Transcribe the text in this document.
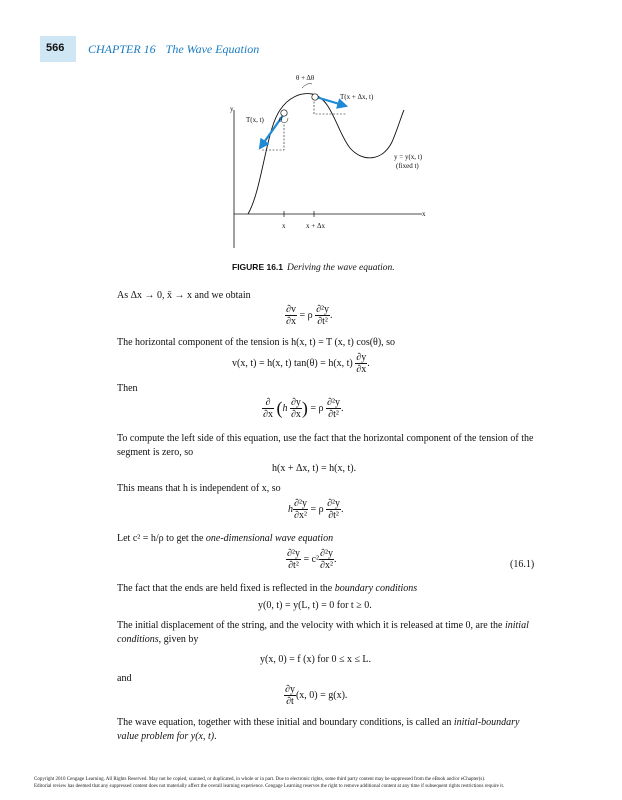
566 CHAPTER 16 The Wave Equation
θ + Δθ
T(x + Δx, t)
y
T(x, t) θ
y = y(x, t)
(fixed t)
x
x	x + Δx
FIGURE 16.1 Deriving the wave equation.
As Δx → 0, x̄ → x and we obtain
$\frac{\partial v}{\partial x} = \rho \frac{\text{∂²y}}{\text{∂t²}}$ .
The horizontal component of the tension is h(x, t) = T (x, t) cos(θ), so
v(x, t) = h(x, t) tan(θ) = h(x, $t) \frac{\partial y}{\partial x}$ .
Then
$\frac{\partial}{\partial x} (h \frac{\partial y}{\partial x}$ ) = ρ $\frac{\text{∂²y}}{\text{∂t²}}$ .
To compute the left side of this equation, use the fact that the horizontal component of the tension of the segment is zero, so
h(x + Δx, t) = h(x, t).
This means that h is independent of x, so
h $\frac{\text{∂²y}}{\text{∂x²}} = \rho \frac{\text{∂²y}}{\text{∂t²}}$ .
Let c² = h/ρ to get the one-dimensional wave equation
$\frac{\text{∂²y}}{\text{∂t²}} = c^2 \frac{\text{∂²y}}{\text{∂x²}}$ .	(16.1)
The fact that the ends are held fixed is reflected in the boundary conditions
y(0, t) = y(L, t) = 0 for t ≥ 0.
The initial displacement of the string, and the velocity with which it is released at time 0, are the initial conditions, given by
y(x, 0) = f (x) for 0 ≤ x ≤ L.
and
$\frac{\partial y}{\partial t} (x$, 0) = g(x).
The wave equation, together with these initial and boundary conditions, is called an initial-boundary value problem for y(x, t).
Copyright 2010 Cengage Learning. All Rights Reserved. May not be copied, scanned, or duplicated, in whole or in part. Due to electronic rights, some third party content may be suppressed from the eBook and/or eChapter(s).
Editorial review has deemed that any suppressed content does not materially affect the overall learning experience. Cengage Learning reserves the right to remove additional content at any time if subsequent rights restrictions require it.
